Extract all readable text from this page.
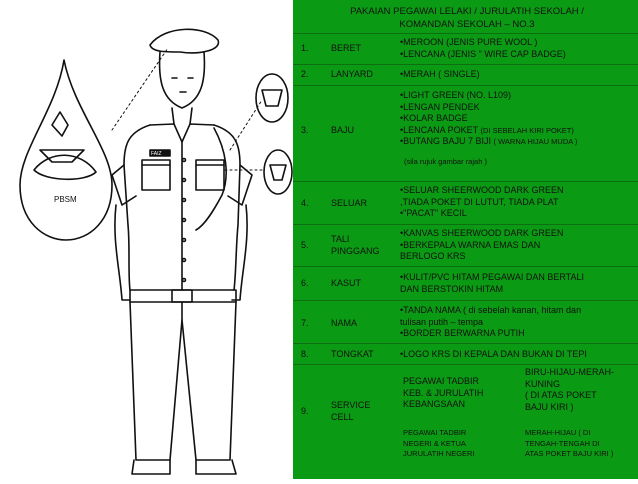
PBSM
FAIZ
PAKAIAN PEGAWAI LELAKI / JURULATIH SEKOLAH /
KOMANDAN SEKOLAH – NO.3
1. BERET
•MEROON (JENIS PURE WOOL )
•LENCANA (JENIS " WIRE CAP BADGE)
2. LANYARD	•MERAH ( SINGLE)
3. BAJU
•LIGHT GREEN (NO. L109)
•LENGAN PENDEK
•KOLAR BADGE
•LENCANA POKET (DI SEBELAH KIRI POKET)
•BUTANG BAJU 7 BIJI ( WARNA HIJAU MUDA )
(sila rujuk gambar rajah )
4. SELUAR
•SELUAR SHEERWOOD DARK GREEN
,TIADA POKET DI LUTUT, TIADA PLAT
•"PACAT" KECIL
5.
TALI
PINGGANG
•KANVAS SHEERWOOD DARK GREEN
•BERKEPALA WARNA EMAS DAN
BERLOGO KRS
6. KASUT
•KULIT/PVC HITAM PEGAWAI DAN BERTALI
DAN BERSTOKIN HITAM
7. NAMA
•TANDA NAMA ( di sebelah kanan, hitam dan
tulisan putih – tempa
•BORDER BERWARNA PUTIH
8. TONGKAT	•LOGO KRS DI KEPALA DAN BUKAN DI TEPI
9.
SERVICE
CELL
PEGAWAI TADBIR
KEB. & JURULATIH
KEBANGSAAN
BIRU-HIJAU-MERAH-
KUNING
( DI ATAS POKET
BAJU KIRI )
PEGAWAI TADBIR
NEGERI & KETUA
JURULATIH NEGERI
MERAH-HIJAU ( DI
TENGAH-TENGAH DI
ATAS POKET BAJU KIRI )
